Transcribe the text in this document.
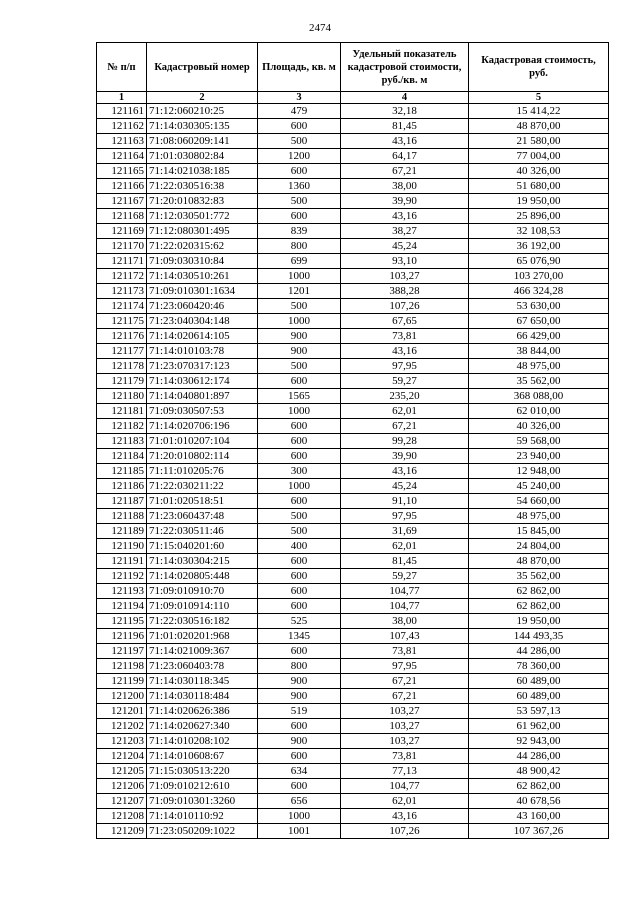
2474
№ п/п	Кадастровый номер	Площадь, кв. м	Удельный показатель кадастровой стоимости, руб./кв. м	Кадастровая стоимость, руб.
1	2	3	4	5
121161	71:12:060210:25	479	32,18	15 414,22
121162	71:14:030305:135	600	81,45	48 870,00
121163	71:08:060209:141	500	43,16	21 580,00
121164	71:01:030802:84	1200	64,17	77 004,00
121165	71:14:021038:185	600	67,21	40 326,00
121166	71:22:030516:38	1360	38,00	51 680,00
121167	71:20:010832:83	500	39,90	19 950,00
121168	71:12:030501:772	600	43,16	25 896,00
121169	71:12:080301:495	839	38,27	32 108,53
121170	71:22:020315:62	800	45,24	36 192,00
121171	71:09:030310:84	699	93,10	65 076,90
121172	71:14:030510:261	1000	103,27	103 270,00
121173	71:09:010301:1634	1201	388,28	466 324,28
121174	71:23:060420:46	500	107,26	53 630,00
121175	71:23:040304:148	1000	67,65	67 650,00
121176	71:14:020614:105	900	73,81	66 429,00
121177	71:14:010103:78	900	43,16	38 844,00
121178	71:23:070317:123	500	97,95	48 975,00
121179	71:14:030612:174	600	59,27	35 562,00
121180	71:14:040801:897	1565	235,20	368 088,00
121181	71:09:030507:53	1000	62,01	62 010,00
121182	71:14:020706:196	600	67,21	40 326,00
121183	71:01:010207:104	600	99,28	59 568,00
121184	71:20:010802:114	600	39,90	23 940,00
121185	71:11:010205:76	300	43,16	12 948,00
121186	71:22:030211:22	1000	45,24	45 240,00
121187	71:01:020518:51	600	91,10	54 660,00
121188	71:23:060437:48	500	97,95	48 975,00
121189	71:22:030511:46	500	31,69	15 845,00
121190	71:15:040201:60	400	62,01	24 804,00
121191	71:14:030304:215	600	81,45	48 870,00
121192	71:14:020805:448	600	59,27	35 562,00
121193	71:09:010910:70	600	104,77	62 862,00
121194	71:09:010914:110	600	104,77	62 862,00
121195	71:22:030516:182	525	38,00	19 950,00
121196	71:01:020201:968	1345	107,43	144 493,35
121197	71:14:021009:367	600	73,81	44 286,00
121198	71:23:060403:78	800	97,95	78 360,00
121199	71:14:030118:345	900	67,21	60 489,00
121200	71:14:030118:484	900	67,21	60 489,00
121201	71:14:020626:386	519	103,27	53 597,13
121202	71:14:020627:340	600	103,27	61 962,00
121203	71:14:010208:102	900	103,27	92 943,00
121204	71:14:010608:67	600	73,81	44 286,00
121205	71:15:030513:220	634	77,13	48 900,42
121206	71:09:010212:610	600	104,77	62 862,00
121207	71:09:010301:3260	656	62,01	40 678,56
121208	71:14:010110:92	1000	43,16	43 160,00
121209	71:23:050209:1022	1001	107,26	107 367,26
